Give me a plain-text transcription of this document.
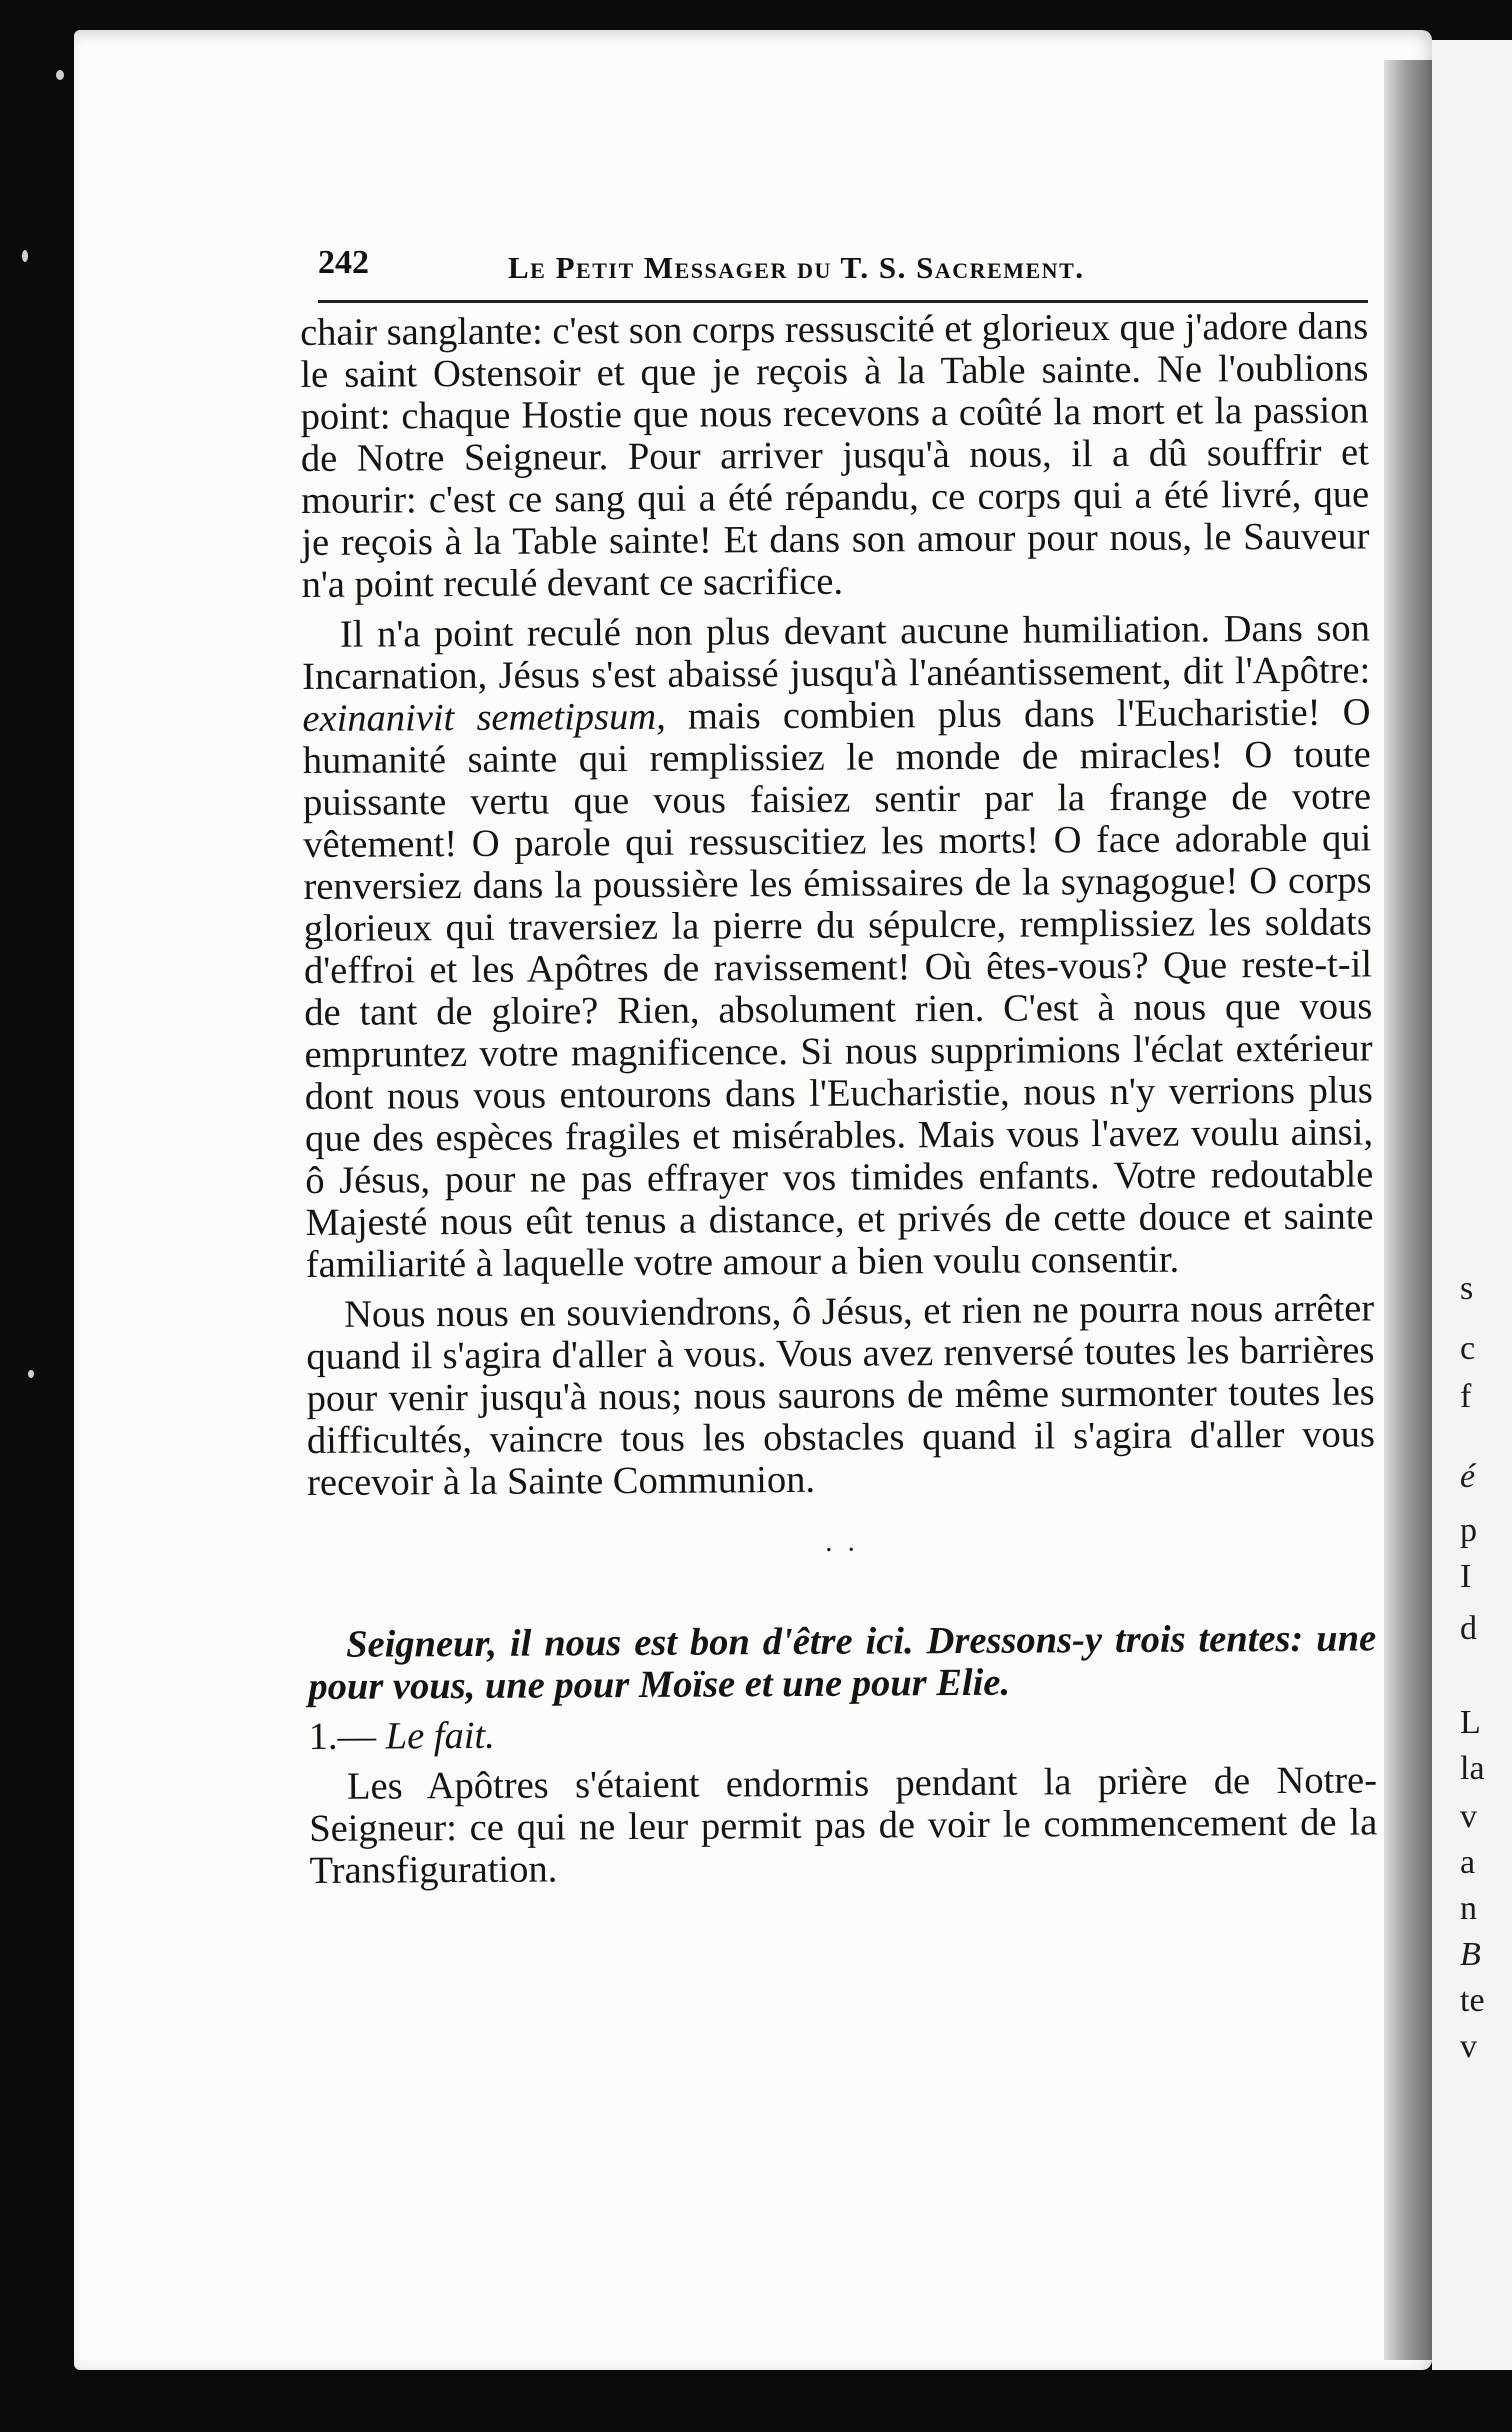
s
c
f
é
p
I
d
L
la
v
a
n
B
te
v
242	Le Petit Messager du T. S. Sacrement.

chair sanglante: c'est son corps ressuscité et glorieux que j'adore dans le saint Ostensoir et que je reçois à la Table sainte. Ne l'oublions point: chaque Hostie que nous recevons a coûté la mort et la passion de Notre Seigneur. Pour arriver jusqu'à nous, il a dû souffrir et mourir: c'est ce sang qui a été répandu, ce corps qui a été livré, que je reçois à la Table sainte! Et dans son amour pour nous, le Sauveur n'a point reculé devant ce sacrifice.

Il n'a point reculé non plus devant aucune humiliation. Dans son Incarnation, Jésus s'est abaissé jusqu'à l'anéantissement, dit l'Apôtre: exinanivit semetipsum, mais combien plus dans l'Eucharistie! O humanité sainte qui remplissiez le monde de miracles! O toute puissante vertu que vous faisiez sentir par la frange de votre vêtement! O parole qui ressuscitiez les morts! O face adorable qui renversiez dans la poussière les émissaires de la synagogue! O corps glorieux qui traversiez la pierre du sépulcre, remplissiez les soldats d'effroi et les Apôtres de ravissement! Où êtes-vous? Que reste-t-il de tant de gloire? Rien, absolument rien. C'est à nous que vous empruntez votre magnificence. Si nous supprimions l'éclat extérieur dont nous vous entourons dans l'Eucharistie, nous n'y verrions plus que des espèces fragiles et misérables. Mais vous l'avez voulu ainsi, ô Jésus, pour ne pas effrayer vos timides enfants. Votre redoutable Majesté nous eût tenus a distance, et privés de cette douce et sainte familiarité à laquelle votre amour a bien voulu consentir.

Nous nous en souviendrons, ô Jésus, et rien ne pourra nous arrêter quand il s'agira d'aller à vous. Vous avez renversé toutes les barrières pour venir jusqu'à nous; nous saurons de même surmonter toutes les difficultés, vaincre tous les obstacles quand il s'agira d'aller vous recevoir à la Sainte Communion.

· ·

Seigneur, il nous est bon d'être ici. Dressons-y trois tentes: une pour vous, une pour Moïse et une pour Elie.

1.— Le fait.

Les Apôtres s'étaient endormis pendant la prière de Notre-Seigneur: ce qui ne leur permit pas de voir le commencement de la Transfiguration.
